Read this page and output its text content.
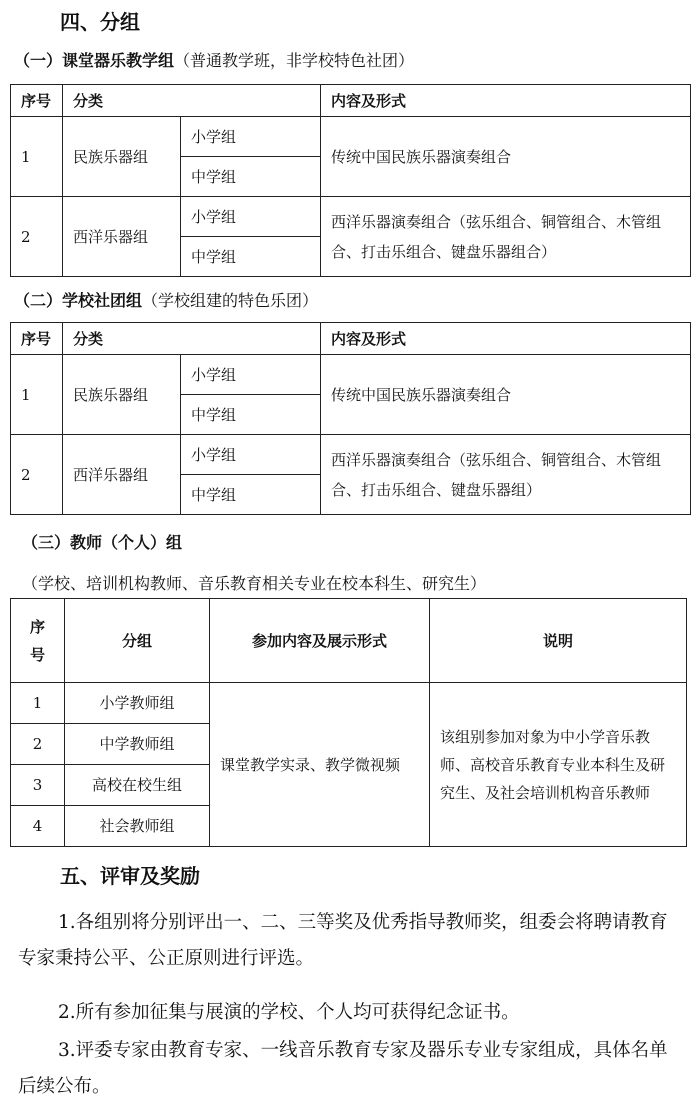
四、分组
（一）课堂器乐教学组（普通教学班，非学校特色社团）
序号	分类		内容及形式
1	民族乐器组	小学组	传统中国民族乐器演奏组合
		中学组	
2	西洋乐器组	小学组	西洋乐器演奏组合（弦乐组合、铜管组合、木管组合、打击乐组合、键盘乐器组合）
		中学组	
（二）学校社团组（学校组建的特色乐团）
序号	分类		内容及形式
1	民族乐器组	小学组	传统中国民族乐器演奏组合
		中学组	
2	西洋乐器组	小学组	西洋乐器演奏组合（弦乐组合、铜管组合、木管组合、打击乐组合、键盘乐器组）
		中学组	
（三）教师（个人）组
（学校、培训机构教师、音乐教育相关专业在校本科生、研究生）
序
号	分组	参加内容及展示形式	说明
1	小学教师组	课堂教学实录、教学微视频	该组别参加对象为中小学音乐教师、高校音乐教育专业本科生及研究生、及社会培训机构音乐教师
2	中学教师组		
3	高校在校生组		
4	社会教师组		
五、评审及奖励
1.各组别将分别评出一、二、三等奖及优秀指导教师奖，组委会将聘请教育专家秉持公平、公正原则进行评选。
2.所有参加征集与展演的学校、个人均可获得纪念证书。
3.评委专家由教育专家、一线音乐教育专家及器乐专业专家组成，具体名单后续公布。
